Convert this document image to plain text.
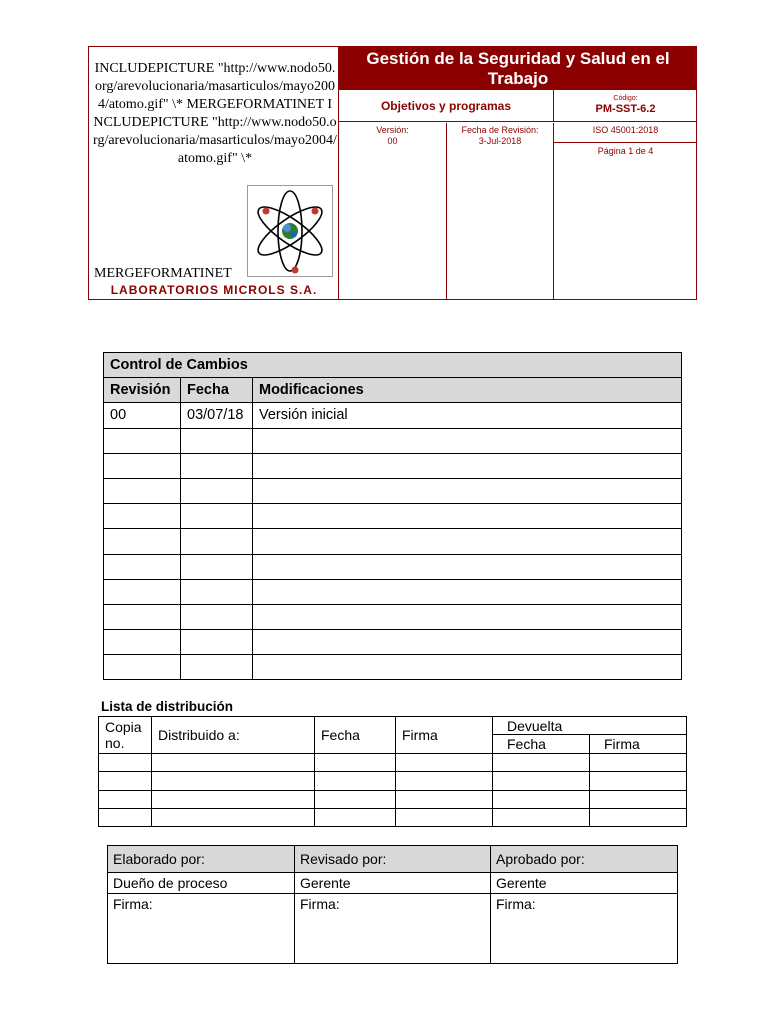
INCLUDEPICTURE "http://www.nodo50.org/arevolucionaria/masarticulos/mayo2004/atomo.gif" \* MERGEFORMATINET INCLUDEPICTURE "http://www.nodo50.org/arevolucionaria/masarticulos/mayo2004/atomo.gif" \*
MERGEFORMATINET
LABORATORIOS MICROLS S.A.
Gestión de la Seguridad y Salud en el Trabajo
Objetivos y programas
Código:
PM-SST-6.2
Versión:
00
Fecha de Revisión:
3-Jul-2018
ISO 45001:2018
Página 1 de 4
Control de Cambios		
Revisión	Fecha	Modificaciones
00	03/07/18	Versión inicial

Lista de distribución
Copia no.	Distribuido a:	Fecha	Firma	Devuelta	
				Fecha	Firma

Elaborado por:	Revisado por:	Aprobado por:
Dueño de proceso	Gerente	Gerente
Firma:	Firma:	Firma:
